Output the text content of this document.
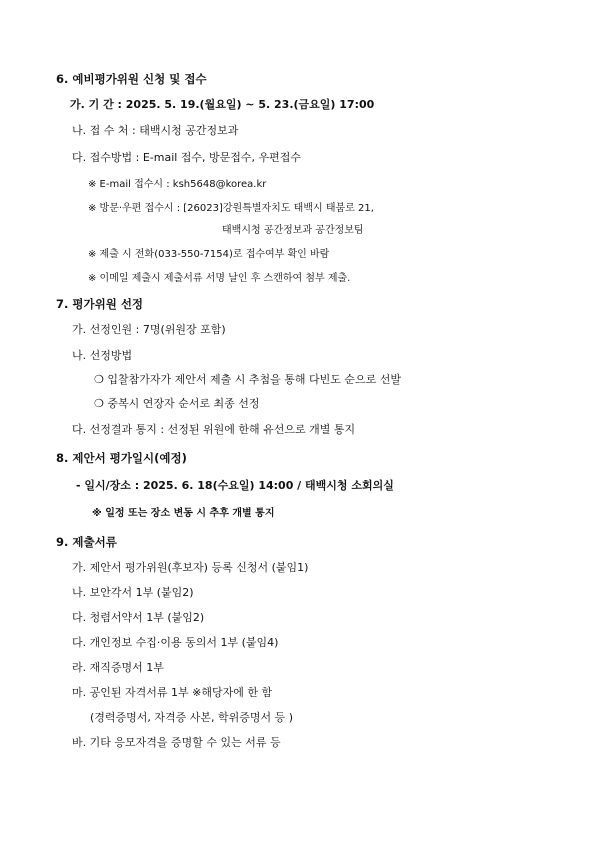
6. 예비평가위원 신청 및 접수
가. 기 간 : 2025. 5. 19.(월요일) ~ 5. 23.(금요일) 17:00
나. 접 수 처 : 태백시청 공간정보과
다. 접수방법 : E-mail 접수, 방문접수, 우편접수
※ E-mail 접수시 : ksh5648@korea.kr
※ 방문·우편 접수시 : [26023]강원특별자치도 태백시 태붐로 21,
태백시청 공간정보과 공간정보팀
※ 제출 시 전화(033-550-7154)로 접수여부 확인 바람
※ 이메일 제출시 제출서류 서명 날인 후 스캔하여 첨부 제출.
7. 평가위원 선정
가. 선정인원 : 7명(위원장 포함)
나. 선정방법
❍ 입찰참가자가 제안서 제출 시 추첨을 통해 다빈도 순으로 선발
❍ 중복시 연장자 순서로 최종 선정
다. 선정결과 통지 : 선정된 위원에 한해 유선으로 개별 통지
8. 제안서 평가일시(예정)
- 일시/장소 : 2025. 6. 18(수요일) 14:00 / 태백시청 소회의실
※ 일정 또는 장소 변동 시 추후 개별 통지
9. 제출서류
가. 제안서 평가위원(후보자) 등록 신청서 (붙임1)
나. 보안각서 1부 (붙임2)
다. 청렴서약서 1부 (붙임2)
다. 개인정보 수집·이용 동의서 1부 (붙임4)
라. 재직증명서 1부
마. 공인된 자격서류 1부 ※해당자에 한 함
(경력증명서, 자격증 사본, 학위증명서 등 )
바. 기타 응모자격을 증명할 수 있는 서류 등
